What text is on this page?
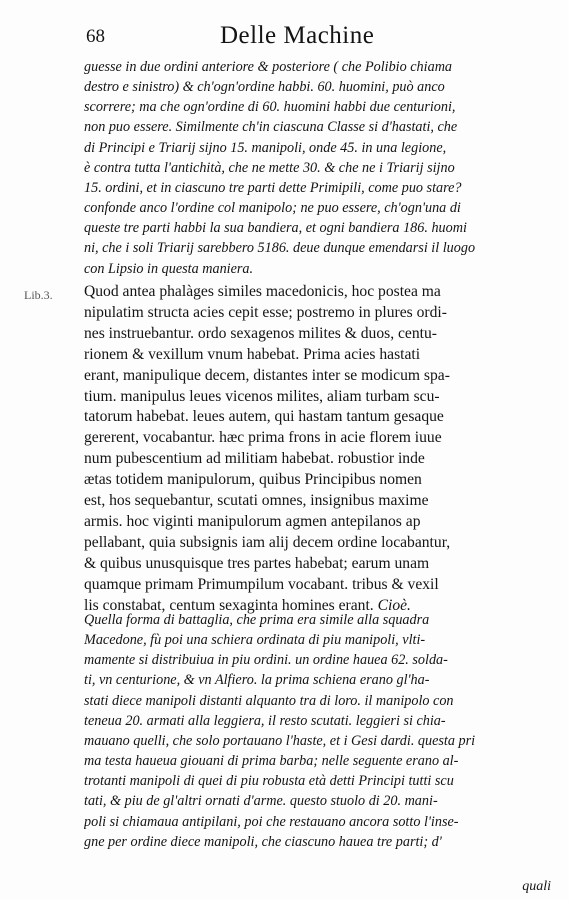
68	Delle Machine
Lib.3.
guesse in due ordini anteriore & posteriore ( che Polibio chiama
destro e sinistro) & ch'ogn'ordine habbi. 60. huomini, può anco
scorrere; ma che ogn'ordine di 60. huomini habbi due centurioni,
non puo essere. Similmente ch'in ciascuna Classe si d'hastati, che
di Principi e Triarij sijno 15. manipoli, onde 45. in una legione,
è contra tutta l'antichità, che ne mette 30. & che ne i Triarij sijno
15. ordini, et in ciascuno tre parti dette Primipili, come puo stare?
confonde anco l'ordine col manipolo; ne puo essere, ch'ogn'una di
queste tre parti habbi la sua bandiera, et ogni bandiera 186. huomi
ni, che i soli Triarij sarebbero 5186. deue dunque emendarsi il luogo
con Lipsio in questa maniera.
Quod antea phalàges similes macedonicis, hoc postea ma
nipulatim structa acies cepit esse; postremo in plures ordi-
nes instruebantur. ordo sexagenos milites & duos, centu-
rionem & vexillum vnum habebat. Prima acies hastati
erant, manipulique decem, distantes inter se modicum spa-
tium. manipulus leues vicenos milites, aliam turbam scu-
tatorum habebat. leues autem, qui hastam tantum gesaque
gererent, vocabantur. hæc prima frons in acie florem iuue
num pubescentium ad militiam habebat. robustior inde
ætas totidem manipulorum, quibus Principibus nomen
est, hos sequebantur, scutati omnes, insignibus maxime
armis. hoc viginti manipulorum agmen antepilanos ap
pellabant, quia subsignis iam alij decem ordine locabantur,
& quibus unusquisque tres partes habebat; earum unam
quamque primam Primumpilum vocabant. tribus & vexil
lis constabat, centum sexaginta homines erant. Cioè.
Quella forma di battaglia, che prima era simile alla squadra
Macedone, fù poi una schiera ordinata di piu manipoli, vlti-
mamente si distribuiua in piu ordini. un ordine hauea 62. solda-
ti, vn centurione, & vn Alfiero. la prima schiena erano gl'ha-
stati diece manipoli distanti alquanto tra di loro. il manipolo con
teneua 20. armati alla leggiera, il resto scutati. leggieri si chia-
mauano quelli, che solo portauano l'haste, et i Gesi dardi. questa pri
ma testa haueua giouani di prima barba; nelle seguente erano al-
trotanti manipoli di quei di piu robusta età detti Principi tutti scu
tati, & piu de gl'altri ornati d'arme. questo stuolo di 20. mani-
poli si chiamaua antipilani, poi che restauano ancora sotto l'inse-
gne per ordine diece manipoli, che ciascuno hauea tre parti; d'
quali
